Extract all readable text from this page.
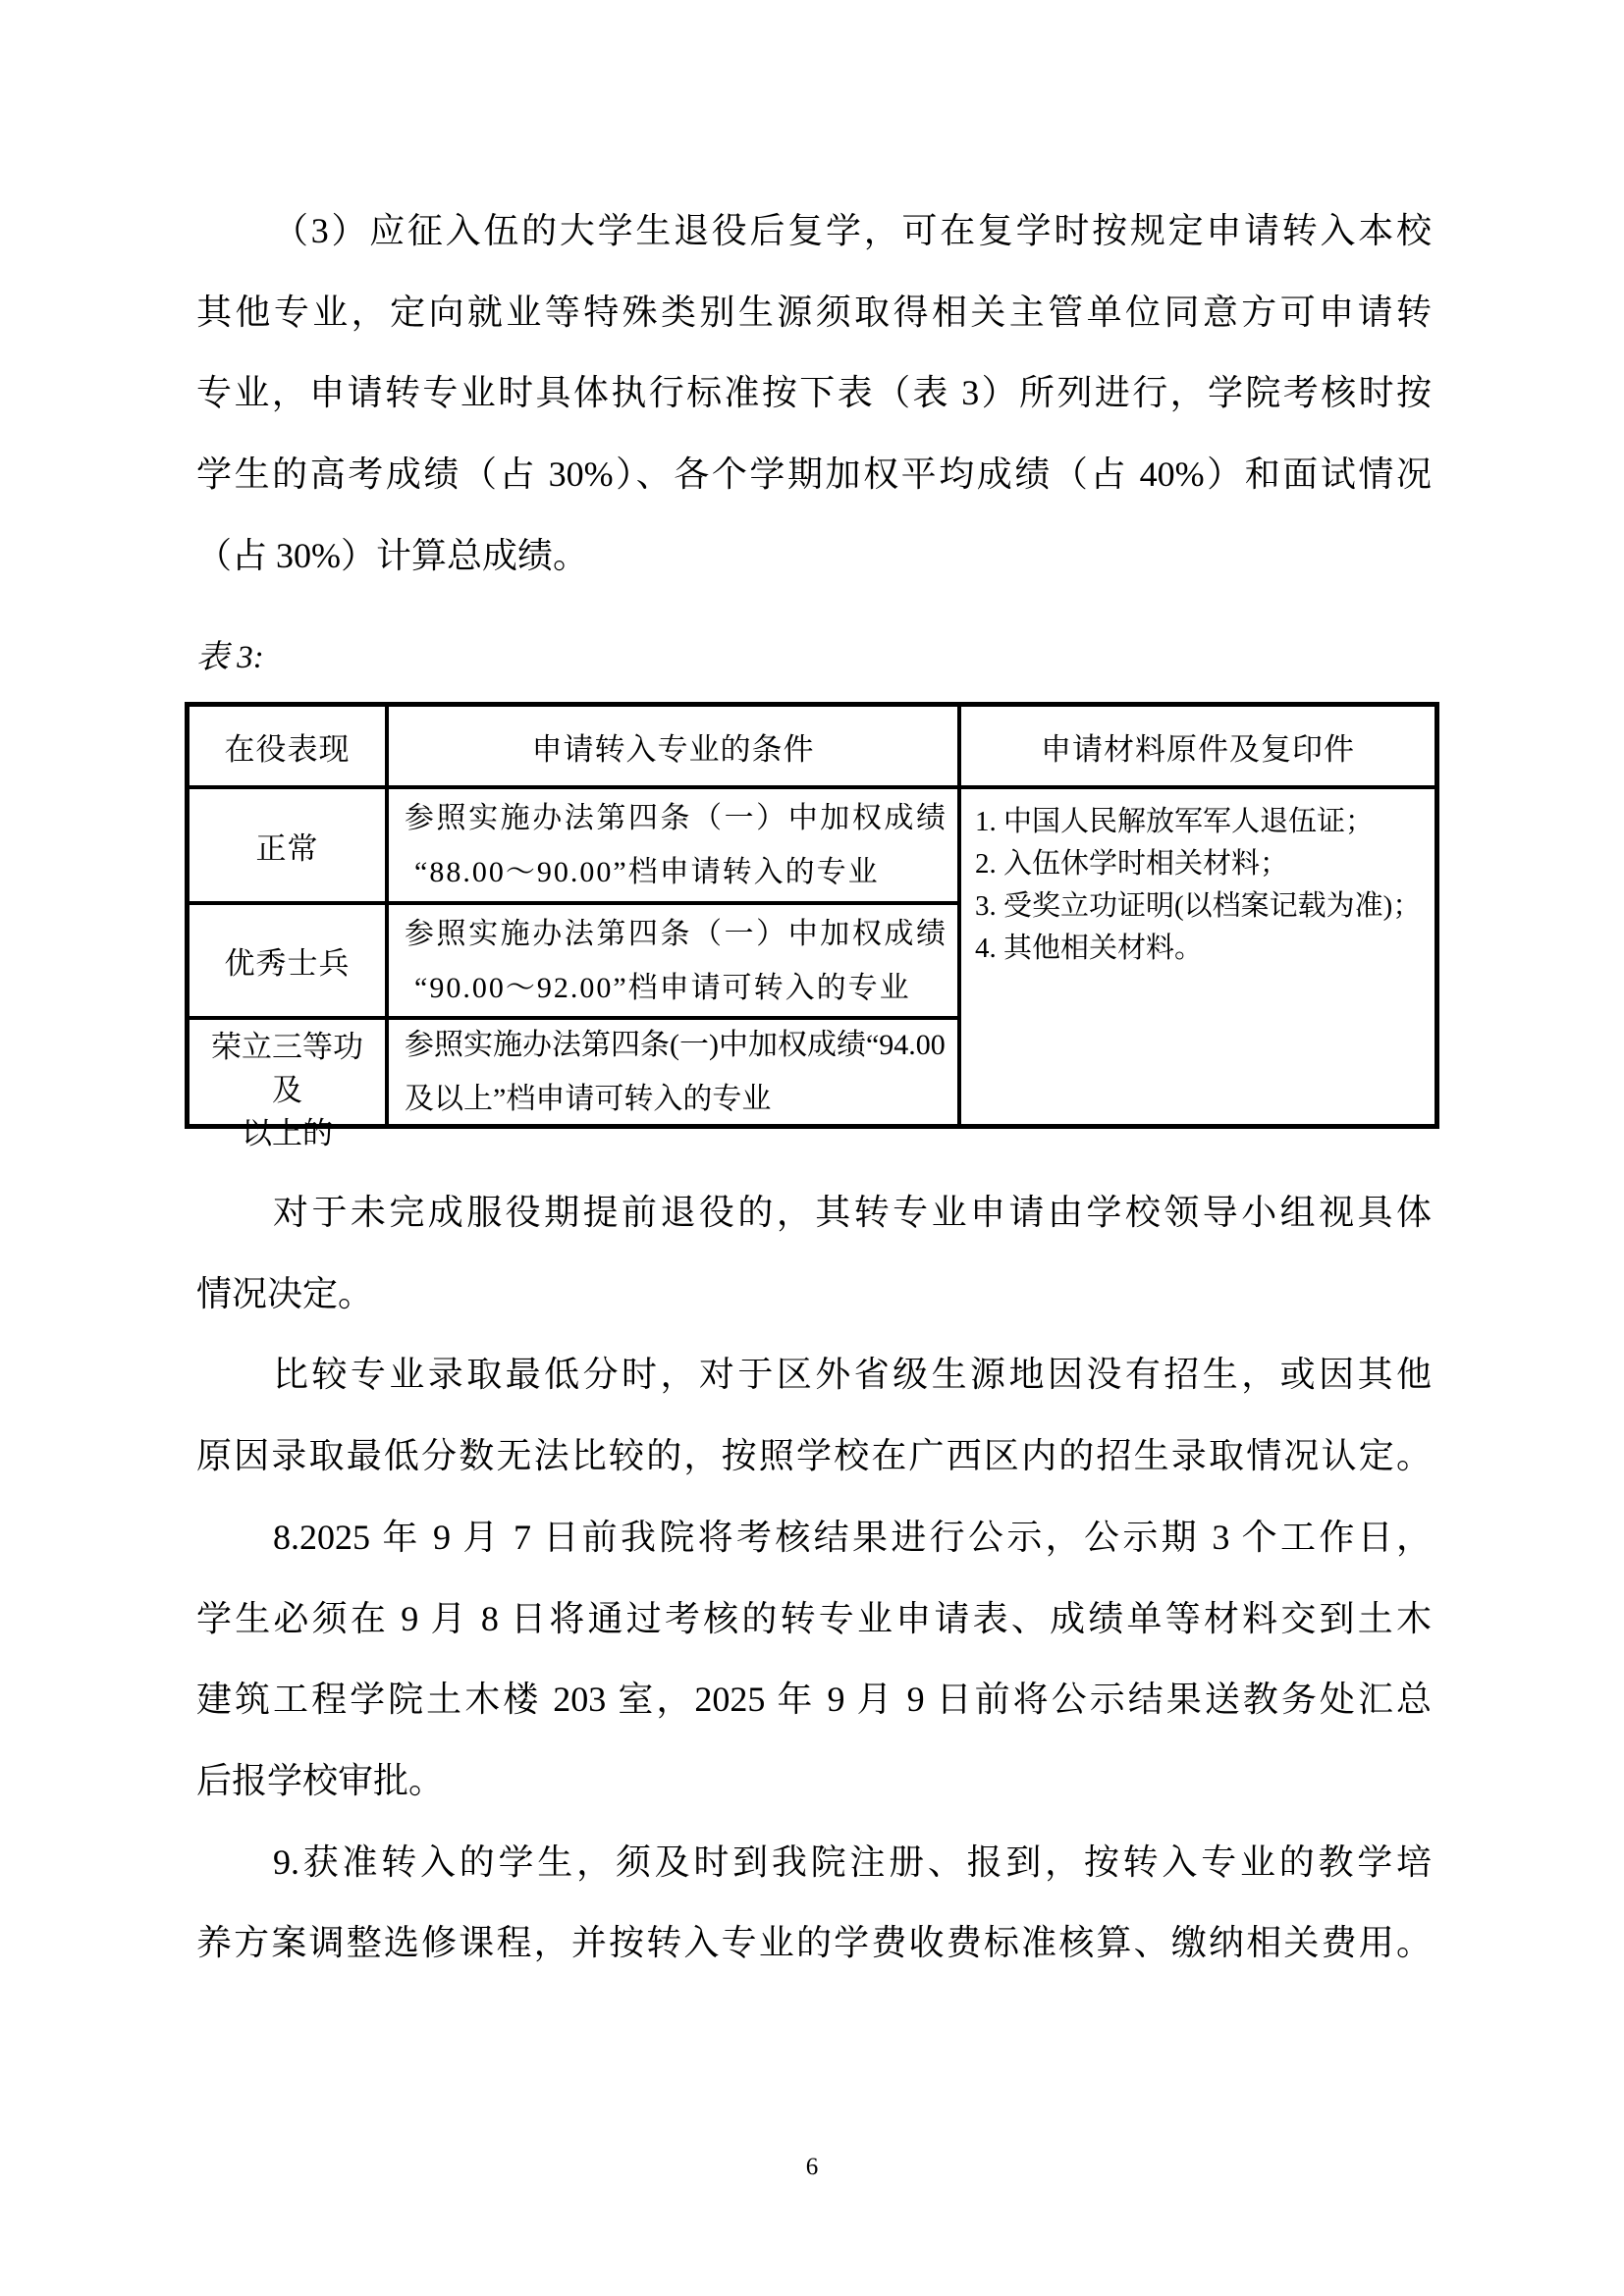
（3）应征入伍的大学生退役后复学，可在复学时按规定申请转入本校
其他专业，定向就业等特殊类别生源须取得相关主管单位同意方可申请转
专业，申请转专业时具体执行标准按下表（表 3）所列进行，学院考核时按
学生的高考成绩（占 30%）、各个学期加权平均成绩（占 40%）和面试情况
（占 30%）计算总成绩。
表 3:
在役表现	申请转入专业的条件	申请材料原件及复印件
正常
参照实施办法第四条（一）中加权成绩
“88.00～90.00”档申请转入的专业
1. 中国人民解放军军人退伍证；
2. 入伍休学时相关材料；
3. 受奖立功证明(以档案记载为准)；
4. 其他相关材料。
优秀士兵
参照实施办法第四条（一）中加权成绩
“90.00～92.00”档申请可转入的专业
荣立三等功
及
以上的
参照实施办法第四条(一)中加权成绩“94.00
及以上”档申请可转入的专业
对于未完成服役期提前退役的，其转专业申请由学校领导小组视具体
情况决定。
比较专业录取最低分时，对于区外省级生源地因没有招生，或因其他
原因录取最低分数无法比较的，按照学校在广西区内的招生录取情况认定。
8.2025 年 9 月 7 日前我院将考核结果进行公示，公示期 3 个工作日，
学生必须在 9 月 8 日将通过考核的转专业申请表、成绩单等材料交到土木
建筑工程学院土木楼 203 室，2025 年 9 月 9 日前将公示结果送教务处汇总
后报学校审批。
9.获准转入的学生，须及时到我院注册、报到，按转入专业的教学培
养方案调整选修课程，并按转入专业的学费收费标准核算、缴纳相关费用。
6
